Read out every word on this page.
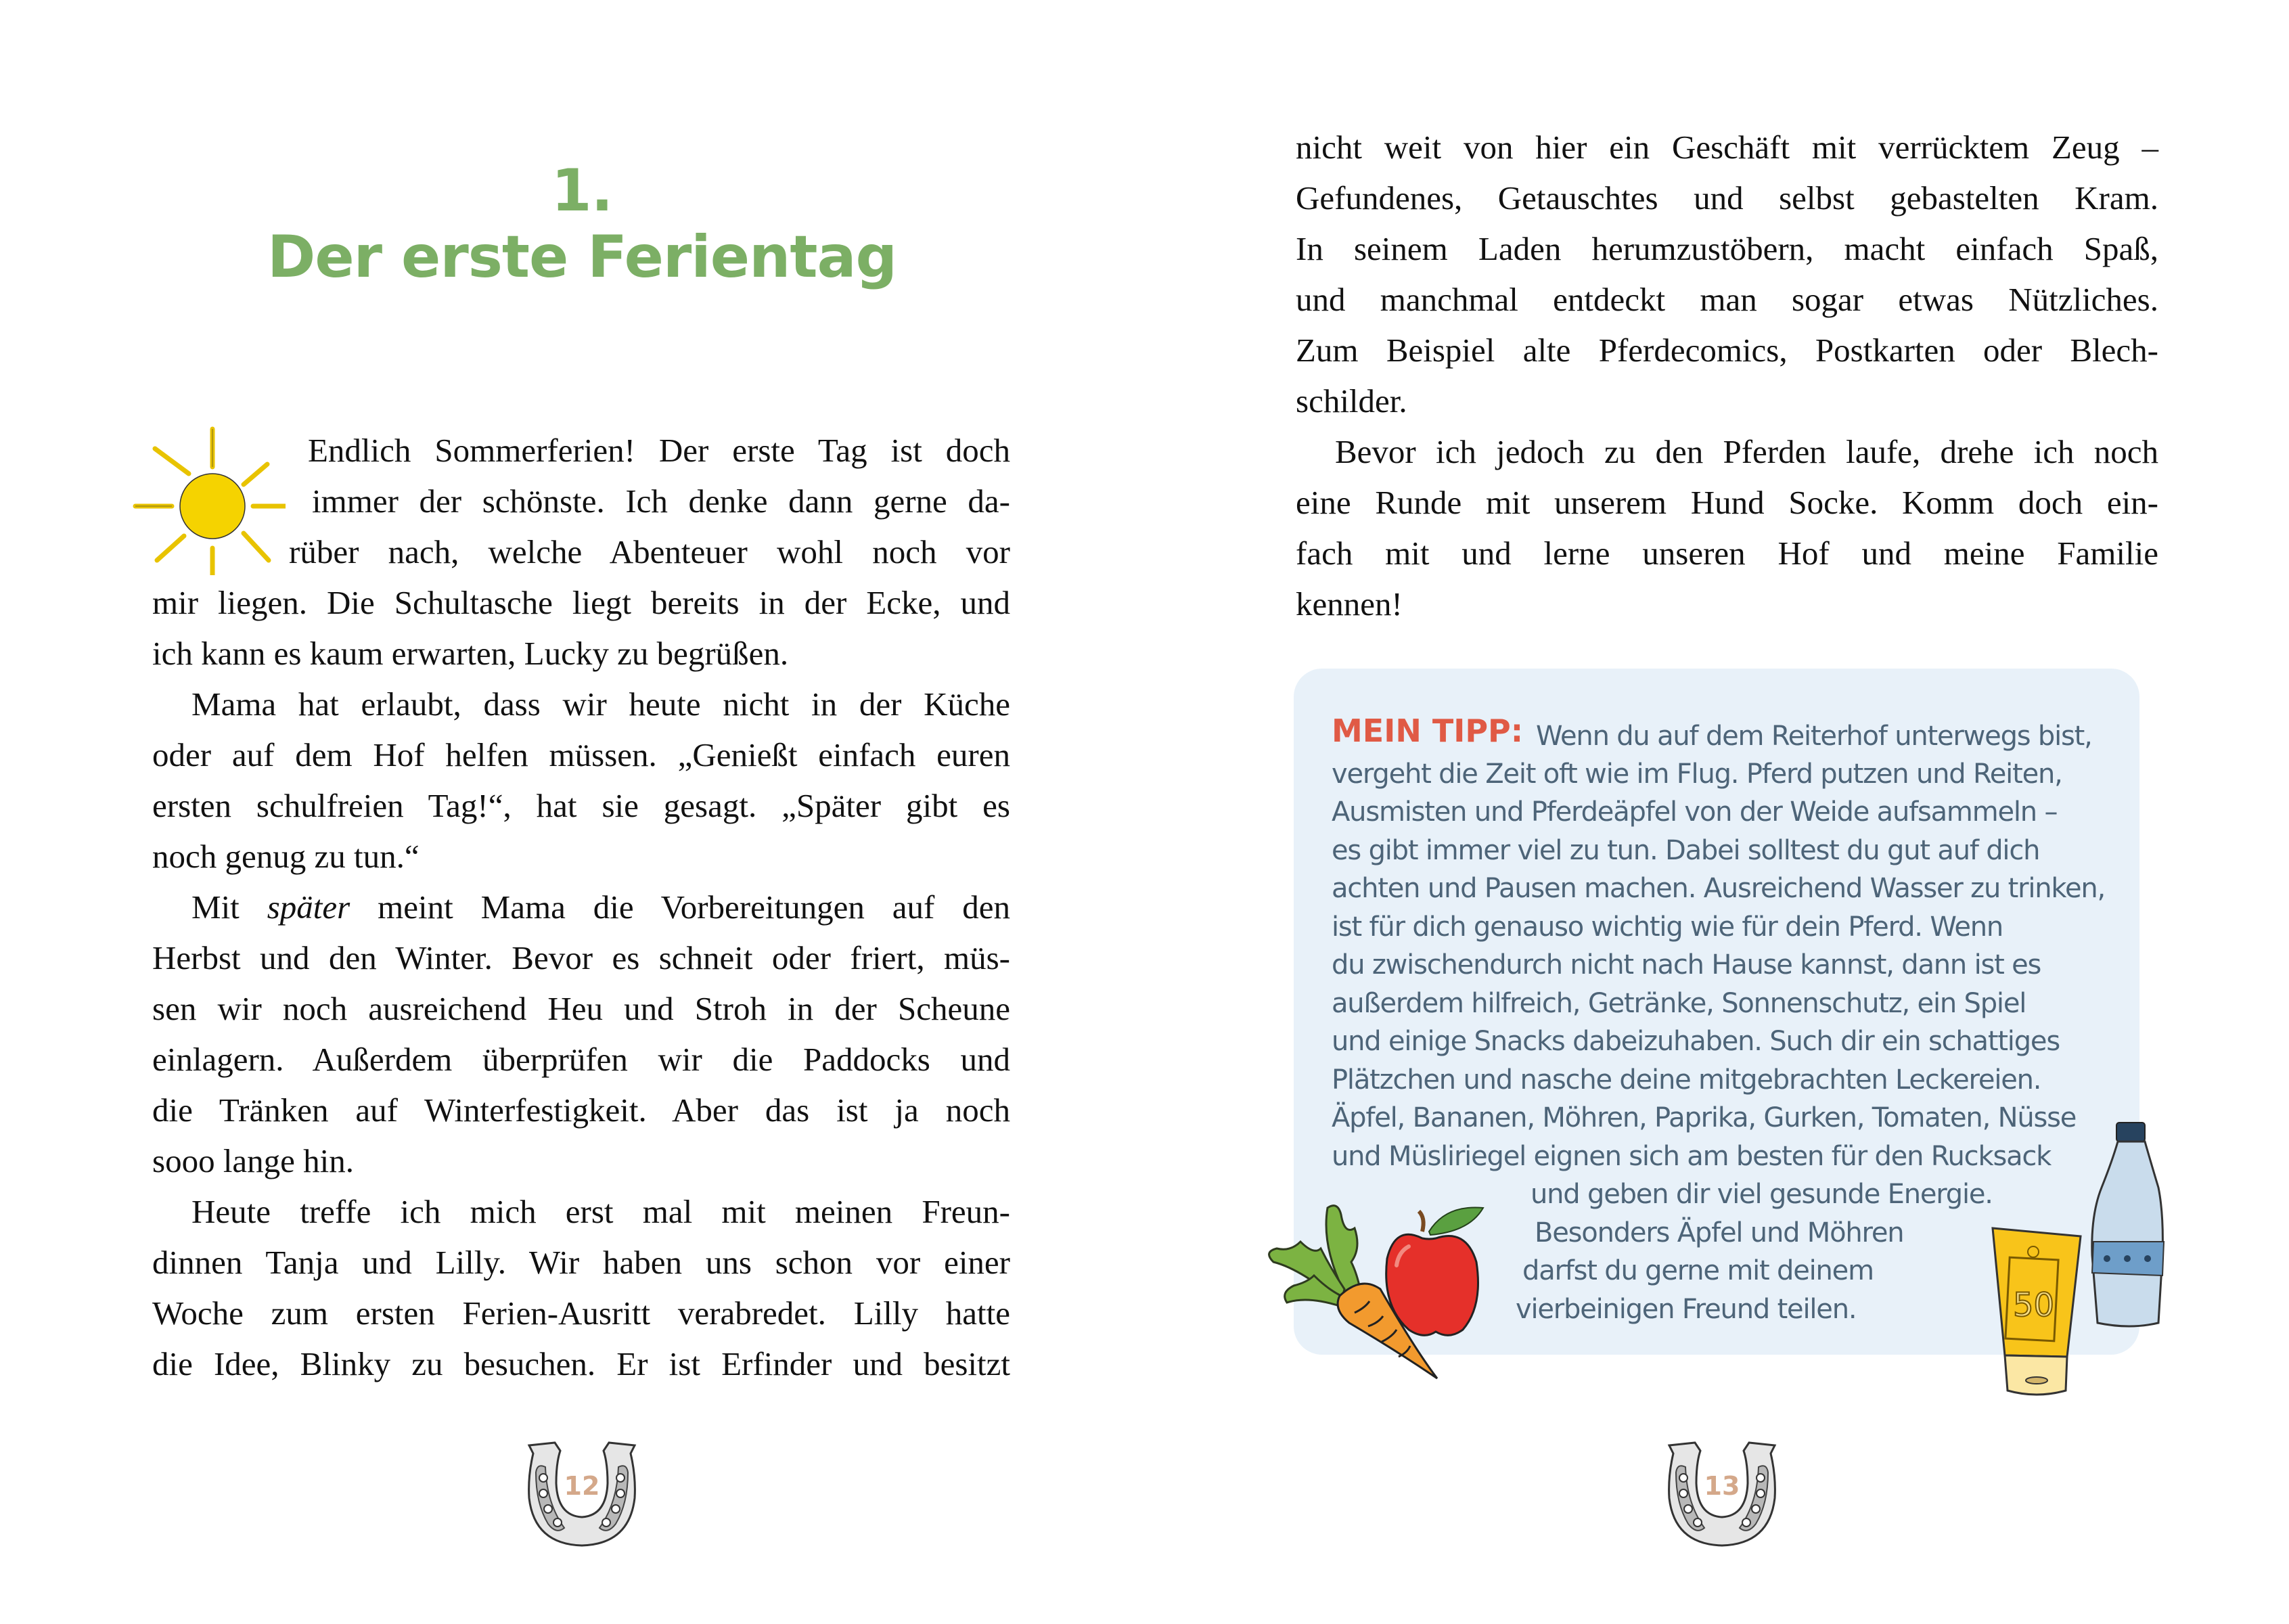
1.
Der erste Ferientag
Endlich Sommerferien! Der erste Tag ist doch
immer der schönste. Ich denke dann gerne da-
rüber nach, welche Abenteuer wohl noch vor
mir liegen. Die Schultasche liegt bereits in der Ecke, und
ich kann es kaum erwarten, Lucky zu begrüßen.
Mama hat erlaubt, dass wir heute nicht in der Küche
oder auf dem Hof helfen müssen. „Genießt einfach euren
ersten schulfreien Tag!“, hat sie gesagt. „Später gibt es
noch genug zu tun.“
Mit später meint Mama die Vorbereitungen auf den
Herbst und den Winter. Bevor es schneit oder friert, müs-
sen wir noch ausreichend Heu und Stroh in der Scheune
einlagern. Außerdem überprüfen wir die Paddocks und
die Tränken auf Winterfestigkeit. Aber das ist ja noch
sooo lange hin.
Heute treffe ich mich erst mal mit meinen Freun-
dinnen Tanja und Lilly. Wir haben uns schon vor einer
Woche zum ersten Ferien-Ausritt verabredet. Lilly hatte
die Idee, Blinky zu besuchen. Er ist Erfinder und besitzt
12
nicht weit von hier ein Geschäft mit verrücktem Zeug –
Gefundenes, Getauschtes und selbst gebastelten Kram.
In seinem Laden herumzustöbern, macht einfach Spaß,
und manchmal entdeckt man sogar etwas Nützliches.
Zum Beispiel alte Pferdecomics, Postkarten oder Blech-
schilder.
Bevor ich jedoch zu den Pferden laufe, drehe ich noch
eine Runde mit unserem Hund Socke. Komm doch ein-
fach mit und lerne unseren Hof und meine Familie
kennen!
MEIN TIPP: Wenn du auf dem Reiterhof unterwegs bist,
vergeht die Zeit oft wie im Flug. Pferd putzen und Reiten,
Ausmisten und Pferdeäpfel von der Weide aufsammeln –
es gibt immer viel zu tun. Dabei solltest du gut auf dich
achten und Pausen machen. Ausreichend Wasser zu trinken,
ist für dich genauso wichtig wie für dein Pferd. Wenn
du zwischendurch nicht nach Hause kannst, dann ist es
außerdem hilfreich, Getränke, Sonnenschutz, ein Spiel
und einige Snacks dabeizuhaben. Such dir ein schattiges
Plätzchen und nasche deine mitgebrachten Leckereien.
Äpfel, Bananen, Möhren, Paprika, Gurken, Tomaten, Nüsse
und Müsliriegel eignen sich am besten für den Rucksack
und geben dir viel gesunde Energie.
Besonders Äpfel und Möhren
darfst du gerne mit deinem
vierbeinigen Freund teilen.	50
13
